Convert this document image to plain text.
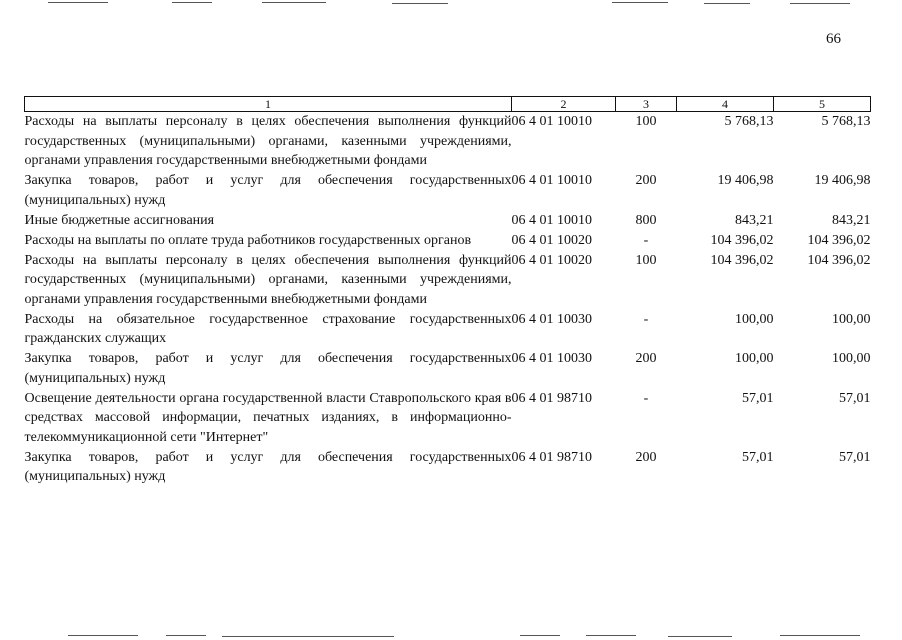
66
1	2	3	4	5
Расходы на выплаты персоналу в целях обеспечения выполнения функций государственных (муниципальными) органами, казенными учреждениями, органами управления государственными внебюджетными фондами	06 4 01 10010	100	5 768,13	5 768,13
Закупка товаров, работ и услуг для обеспечения государственных (муниципальных) нужд	06 4 01 10010	200	19 406,98	19 406,98
Иные бюджетные ассигнования	06 4 01 10010	800	843,21	843,21
Расходы на выплаты по оплате труда работников государственных органов	06 4 01 10020	-	104 396,02	104 396,02
Расходы на выплаты персоналу в целях обеспечения выполнения функций государственных (муниципальными) органами, казенными учреждениями, органами управления государственными внебюджетными фондами	06 4 01 10020	100	104 396,02	104 396,02
Расходы на обязательное государственное страхование государственных гражданских служащих	06 4 01 10030	-	100,00	100,00
Закупка товаров, работ и услуг для обеспечения государственных (муниципальных) нужд	06 4 01 10030	200	100,00	100,00
Освещение деятельности органа государственной власти Ставропольского края в средствах массовой информации, печатных изданиях, в информационно-телекоммуникационной сети "Интернет"	06 4 01 98710	-	57,01	57,01
Закупка товаров, работ и услуг для обеспечения государственных (муниципальных) нужд	06 4 01 98710	200	57,01	57,01
